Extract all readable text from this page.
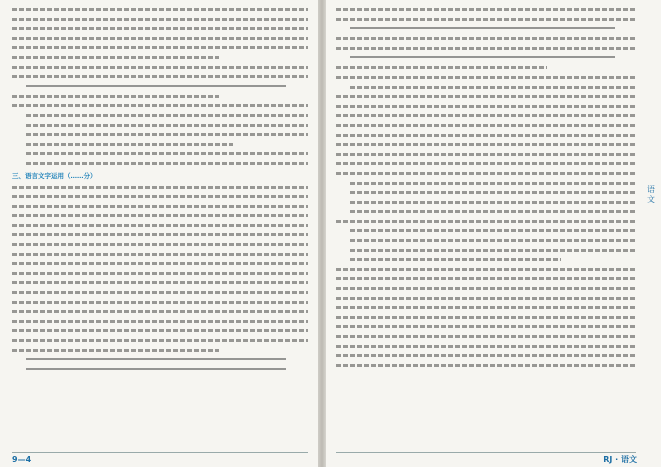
三、语言文字运用（……分）
9—4
语文
RJ · 语文
